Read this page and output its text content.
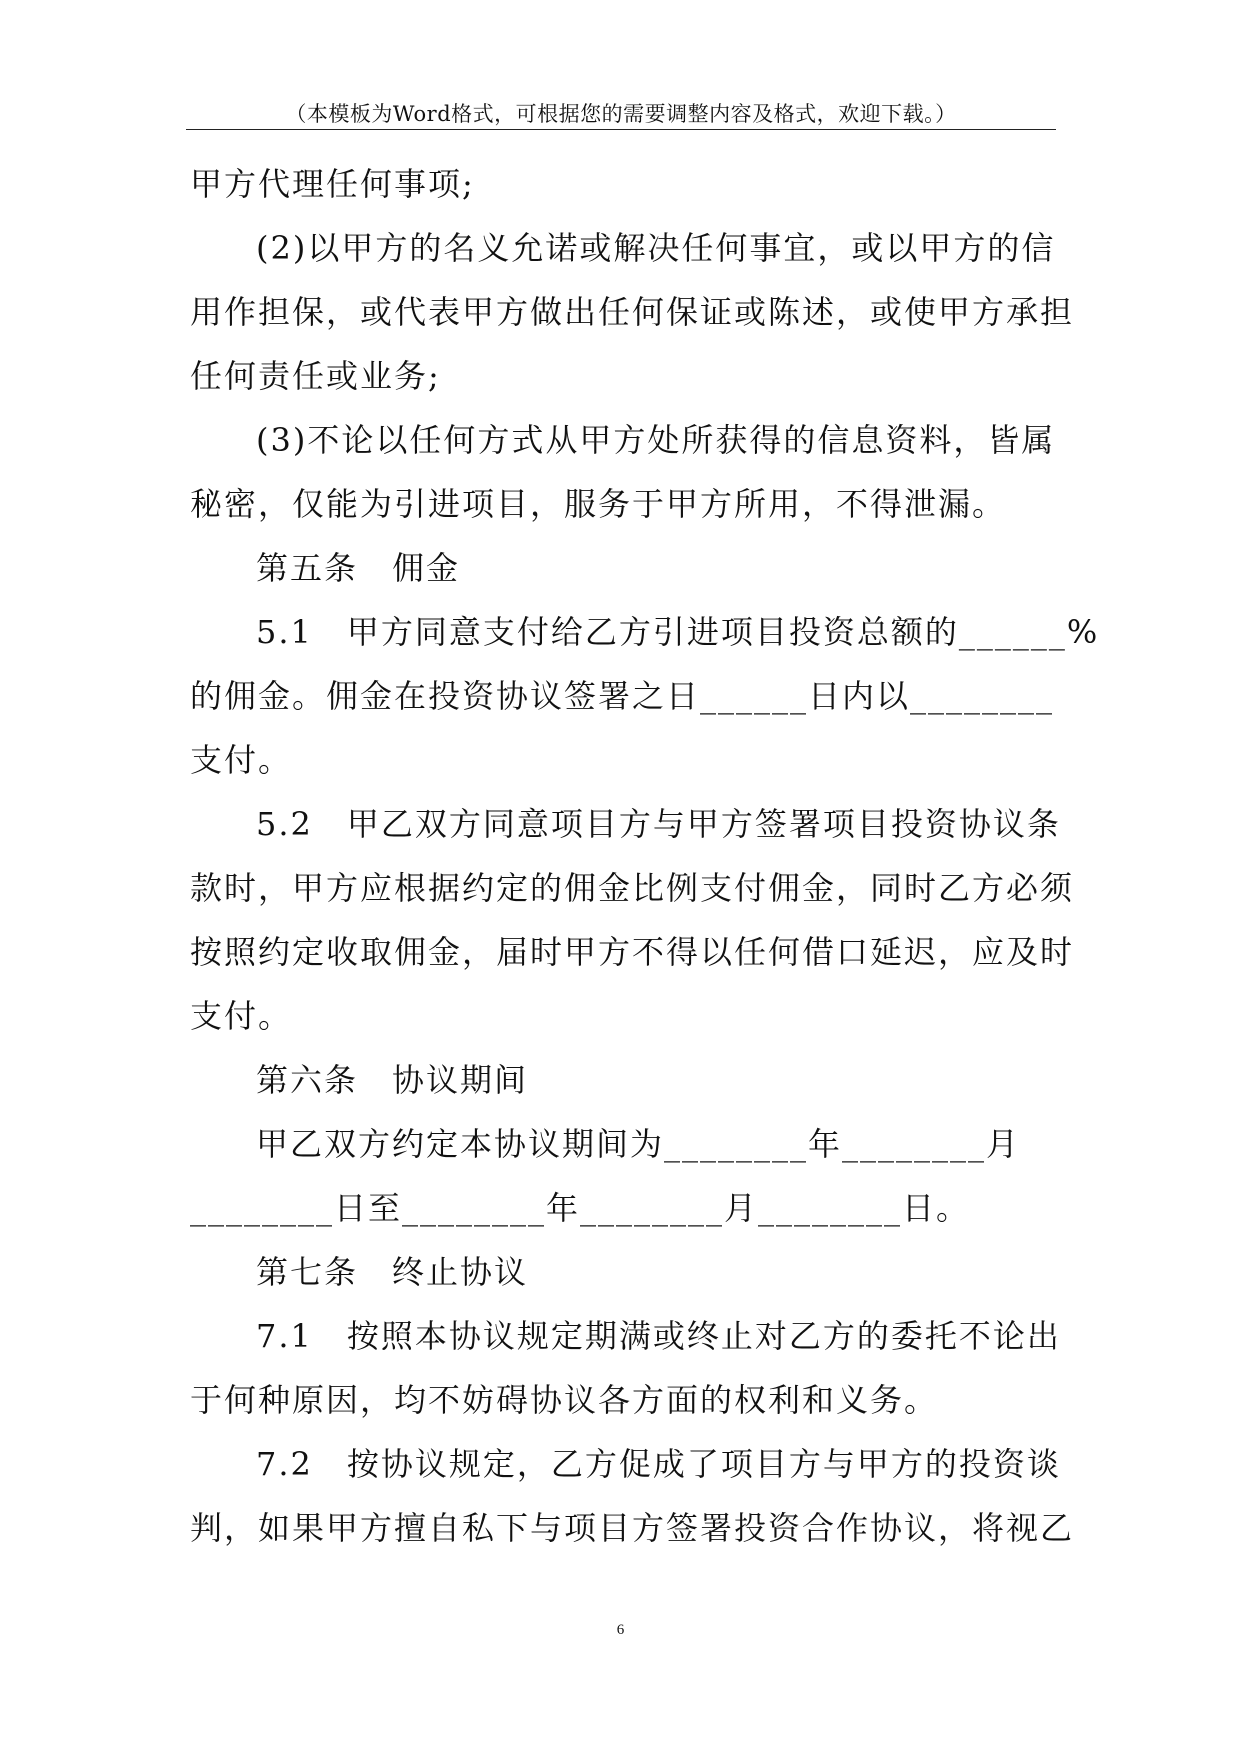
（本模板为Word格式，可根据您的需要调整内容及格式，欢迎下载。）
甲方代理任何事项;
(2)以甲方的名义允诺或解决任何事宜，或以甲方的信
用作担保，或代表甲方做出任何保证或陈述，或使甲方承担
任何责任或业务;
(3)不论以任何方式从甲方处所获得的信息资料，皆属
秘密，仅能为引进项目，服务于甲方所用，不得泄漏。
第五条　佣金
5.1　甲方同意支付给乙方引进项目投资总额的______%
的佣金。佣金在投资协议签署之日______日内以________
支付。
5.2　甲乙双方同意项目方与甲方签署项目投资协议条
款时，甲方应根据约定的佣金比例支付佣金，同时乙方必须
按照约定收取佣金，届时甲方不得以任何借口延迟，应及时
支付。
第六条　协议期间
甲乙双方约定本协议期间为________年________月
________日至________年________月________日。
第七条　终止协议
7.1　按照本协议规定期满或终止对乙方的委托不论出
于何种原因，均不妨碍协议各方面的权利和义务。
7.2　按协议规定，乙方促成了项目方与甲方的投资谈
判，如果甲方擅自私下与项目方签署投资合作协议，将视乙
6
